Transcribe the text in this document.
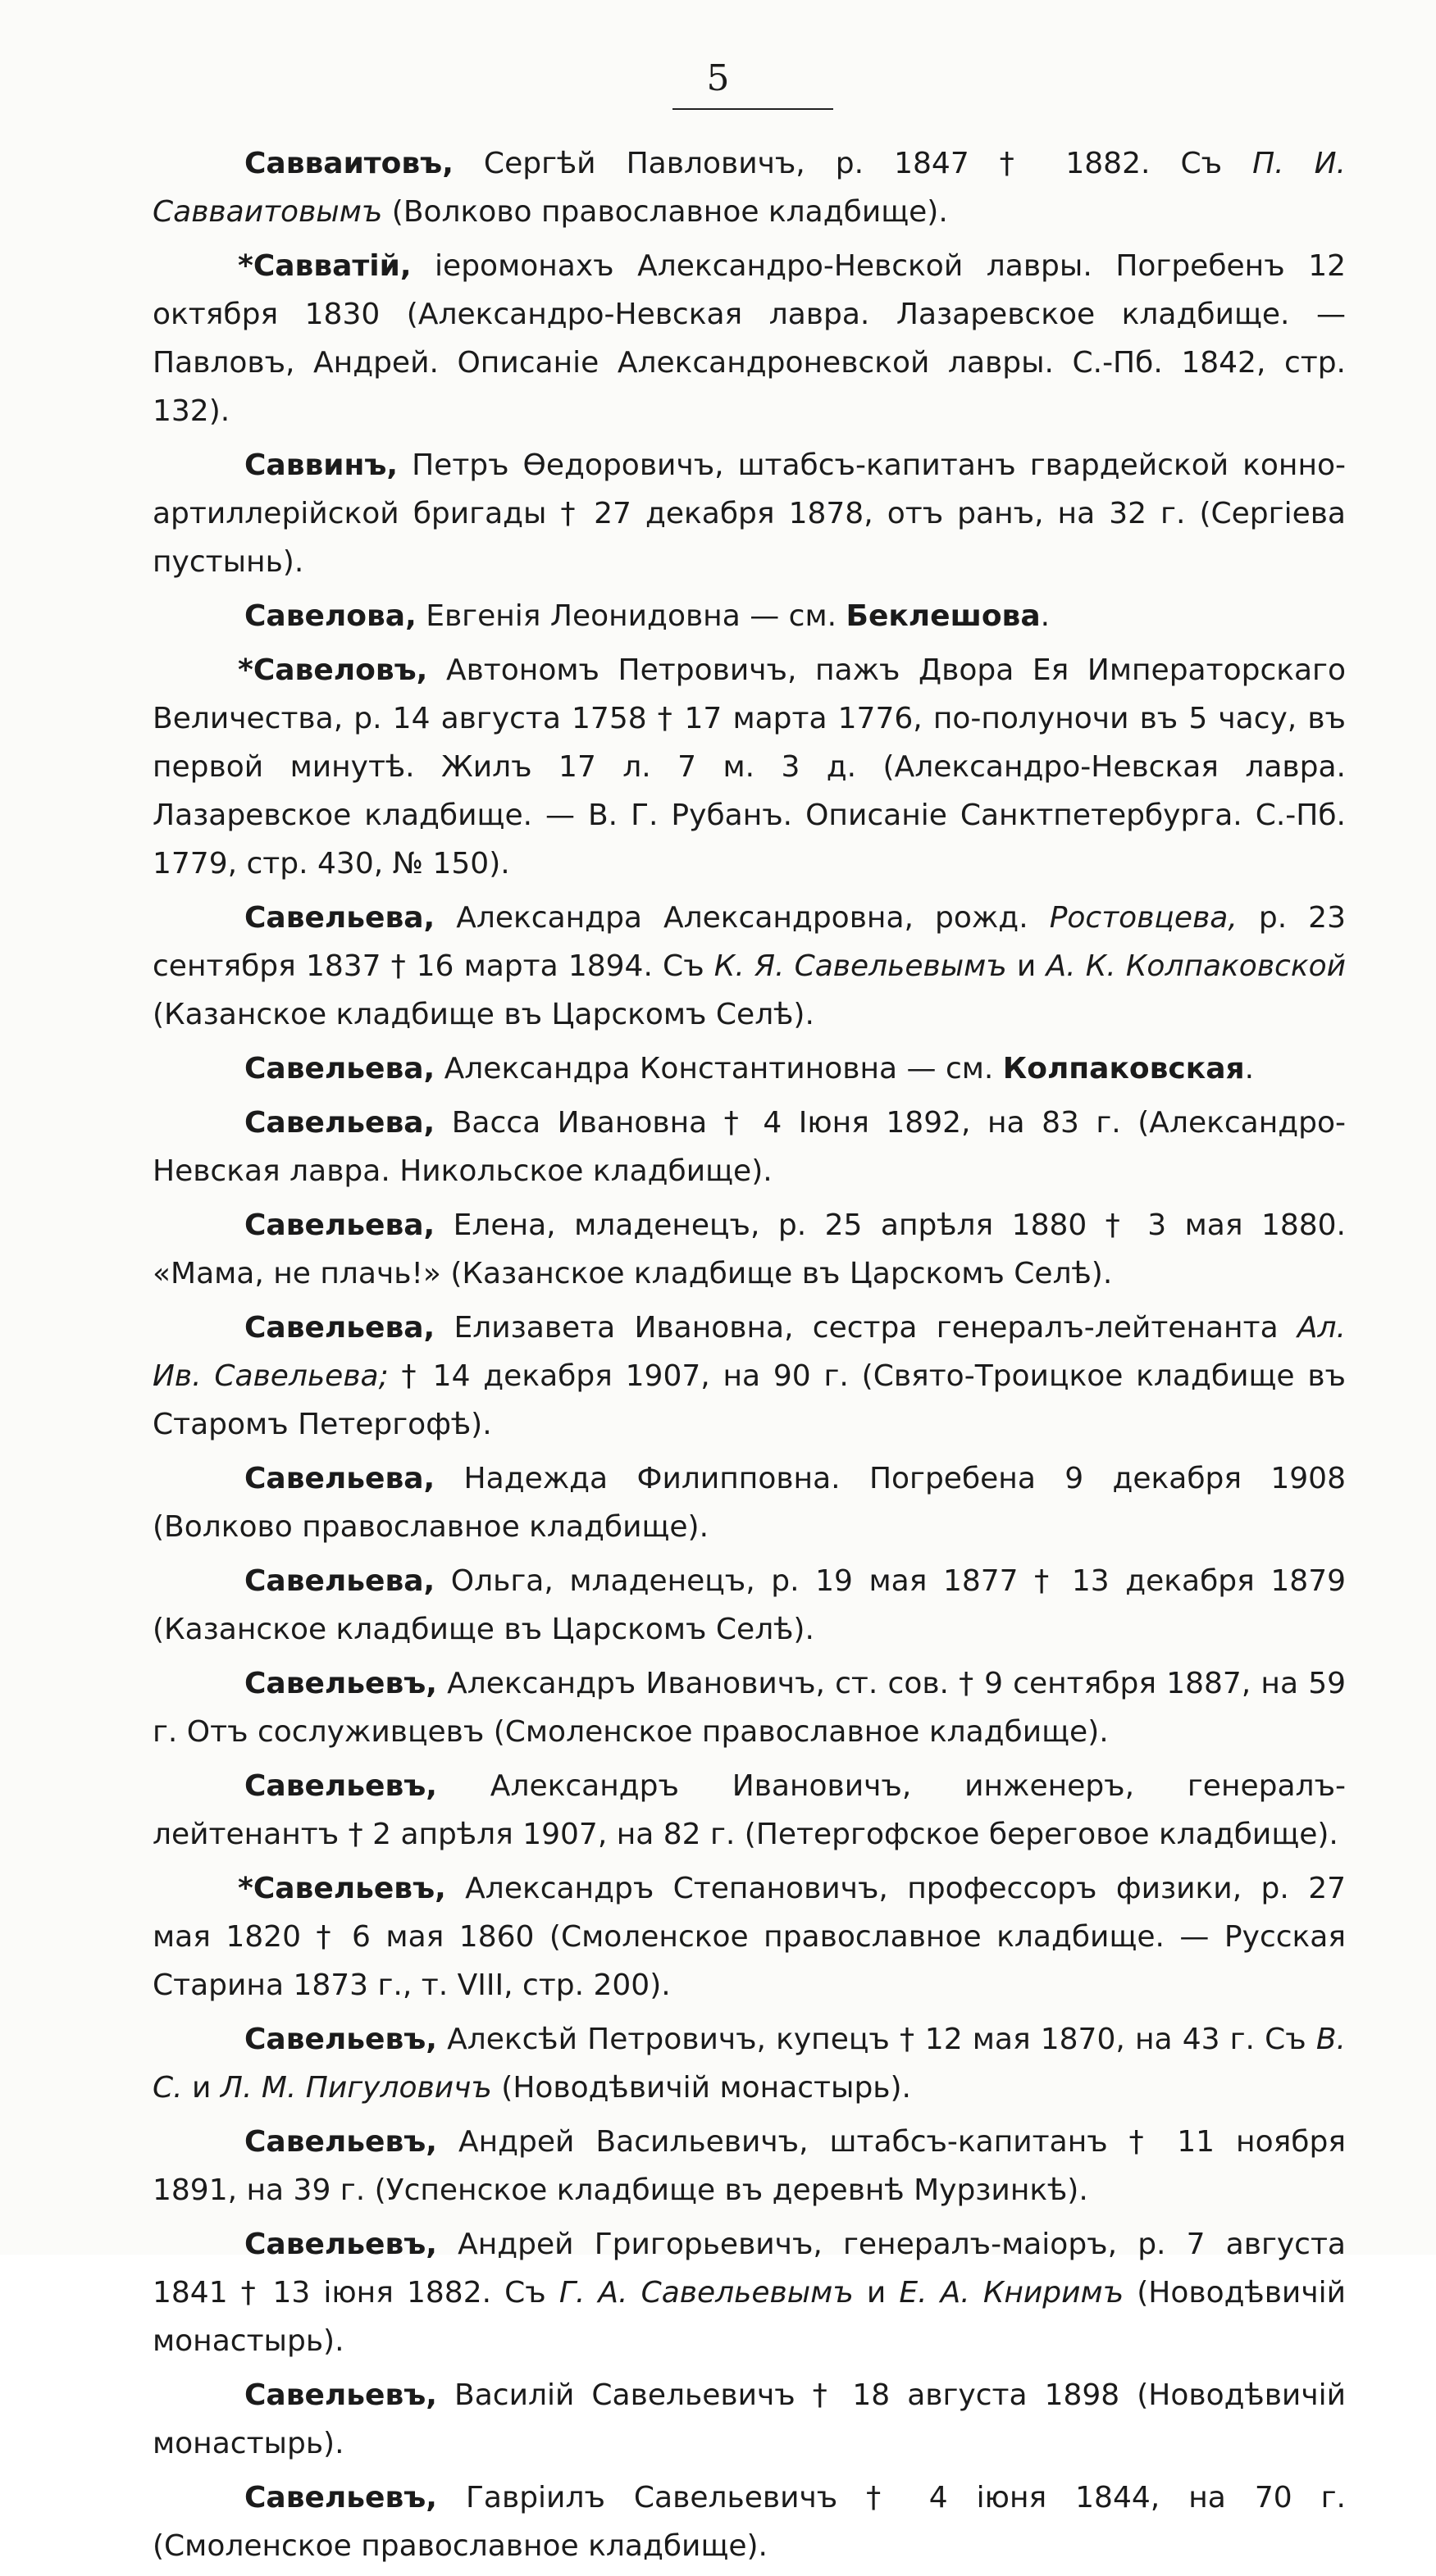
5

Савваитовъ, Сергѣй Павловичъ, р. 1847 † 1882. Съ П. И. Савваитовымъ (Волково православное кладбище).

*Савватій, іеромонахъ Александро-Невской лавры. Погребенъ 12 октября 1830 (Александро-Невская лавра. Лазаревское кладбище. — Павловъ, Андрей. Описаніе Александроневской лавры. С.-Пб. 1842, стр. 132).

Саввинъ, Петръ Ѳедоровичъ, штабсъ-капитанъ гвардейской конно-артиллерійской бригады † 27 декабря 1878, отъ ранъ, на 32 г. (Сергіева пустынь).

Савелова, Евгенія Леонидовна — см. Беклешова.

*Савеловъ, Автономъ Петровичъ, пажъ Двора Ея Императорскаго Величества, р. 14 августа 1758 † 17 марта 1776, по-полуночи въ 5 часу, въ первой минутѣ. Жилъ 17 л. 7 м. 3 д. (Александро-Невская лавра. Лазаревское кладбище. — В. Г. Рубанъ. Описаніе Санктпетербурга. С.-Пб. 1779, стр. 430, № 150).

Савельева, Александра Александровна, рожд. Ростовцева, р. 23 сентября 1837 † 16 марта 1894. Съ К. Я. Савельевымъ и А. К. Колпаковской (Казанское кладбище въ Царскомъ Селѣ).

Савельева, Александра Константиновна — см. Колпаковская.

Савельева, Васса Ивановна † 4 Іюня 1892, на 83 г. (Александро-Невская лавра. Никольское кладбище).

Савельева, Елена, младенецъ, р. 25 апрѣля 1880 † 3 мая 1880. «Мама, не плачь!» (Казанское кладбище въ Царскомъ Селѣ).

Савельева, Елизавета Ивановна, сестра генералъ-лейтенанта Ал. Ив. Савельева; † 14 декабря 1907, на 90 г. (Свято-Троицкое кладбище въ Старомъ Петергофѣ).

Савельева, Надежда Филипповна. Погребена 9 декабря 1908 (Волково православное кладбище).

Савельева, Ольга, младенецъ, р. 19 мая 1877 † 13 декабря 1879 (Казанское кладбище въ Царскомъ Селѣ).

Савельевъ, Александръ Ивановичъ, ст. сов. † 9 сентября 1887, на 59 г. Отъ сослуживцевъ (Смоленское православное кладбище).

Савельевъ, Александръ Ивановичъ, инженеръ, генералъ-лейтенантъ † 2 апрѣля 1907, на 82 г. (Петергофское береговое кладбище).

*Савельевъ, Александръ Степановичъ, профессоръ физики, р. 27 мая 1820 † 6 мая 1860 (Смоленское православное кладбище. — Русская Старина 1873 г., т. VIII, стр. 200).

Савельевъ, Алексѣй Петровичъ, купецъ † 12 мая 1870, на 43 г. Съ В. С. и Л. М. Пигуловичъ (Новодѣвичій монастырь).

Савельевъ, Андрей Васильевичъ, штабсъ-капитанъ † 11 ноября 1891, на 39 г. (Успенское кладбище въ деревнѣ Мурзинкѣ).

Савельевъ, Андрей Григорьевичъ, генералъ-маіоръ, р. 7 августа 1841 † 13 іюня 1882. Съ Г. А. Савельевымъ и Е. А. Книримъ (Новодѣвичій монастырь).

Савельевъ, Василій Савельевичъ † 18 августа 1898 (Новодѣвичій монастырь).

Савельевъ, Гавріилъ Савельевичъ † 4 іюня 1844, на 70 г. (Смоленское православное кладбище).
